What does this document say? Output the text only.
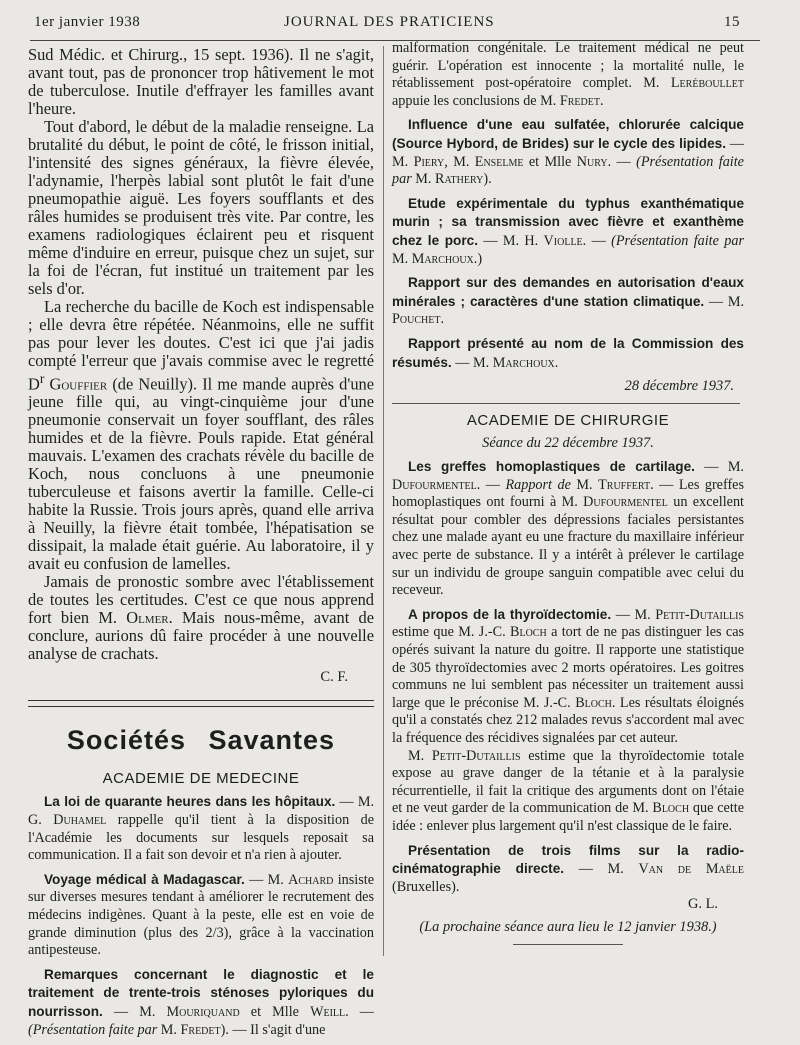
1er janvier 1938	JOURNAL DES PRATICIENS	15

Sud Médic. et Chirurg., 15 sept. 1936). Il ne s'agit, avant tout, pas de prononcer trop hâtivement le mot de tuberculose. Inutile d'effrayer les familles avant l'heure.

Tout d'abord, le début de la maladie renseigne. La brutalité du début, le point de côté, le frisson initial, l'intensité des signes généraux, la fièvre élevée, l'adynamie, l'herpès labial sont plutôt le fait d'une pneumopathie aiguë. Les foyers soufflants et des râles humides se produisent très vite. Par contre, les examens radiologiques éclairent peu et risquent même d'induire en erreur, puisque chez un sujet, sur la foi de l'écran, fut institué un traitement par les sels d'or.

La recherche du bacille de Koch est indispensable ; elle devra être répétée. Néanmoins, elle ne suffit pas pour lever les doutes. C'est ici que j'ai jadis compté l'erreur que j'avais commise avec le regretté $D^r$ Gouffier (de Neuilly). Il me mande auprès d'une jeune fille qui, au vingt-cinquième jour d'une pneumonie conservait un foyer soufflant, des râles humides et de la fièvre. Pouls rapide. Etat général mauvais. L'examen des crachats révèle du bacille de Koch, nous concluons à une pneumonie tuberculeuse et faisons avertir la famille. Celle-ci habite la Russie. Trois jours après, quand elle arriva à Neuilly, la fièvre était tombée, l'hépatisation se dissipait, la malade était guérie. Au laboratoire, il y avait eu confusion de lamelles.

Jamais de pronostic sombre avec l'établissement de toutes les certitudes. C'est ce que nous apprend fort bien M. Olmer. Mais nous-même, avant de conclure, aurions dû faire procéder à une nouvelle analyse de crachats.

C. F.
Sociétés Savantes
ACADEMIE DE MEDECINE

La loi de quarante heures dans les hôpitaux. — M. G. Duhamel rappelle qu'il tient à la disposition de l'Académie les documents sur lesquels reposait sa communication. Il a fait son devoir et n'a rien à ajouter.

Voyage médical à Madagascar. — M. Achard insiste sur diverses mesures tendant à améliorer le recrutement des médecins indigènes. Quant à la peste, elle est en voie de grande diminution (plus des 2/3), grâce à la vaccination antipesteuse.

Remarques concernant le diagnostic et le traitement de trente-trois sténoses pyloriques du nourrisson. — M. Mouriquand et Mlle Weill. — (Présentation faite par M. Fredet). — Il s'agit d'une

malformation congénitale. Le traitement médical ne peut guérir. L'opération est innocente ; la mortalité nulle, le rétablissement post-opératoire complet. M. Leréboullet appuie les conclusions de M. Fredet.

Influence d'une eau sulfatée, chlorurée calcique (Source Hybord, de Brides) sur le cycle des lipides. — M. Piery, M. Enselme et Mlle Nury. — (Présentation faite par M. Rathery).

Etude expérimentale du typhus exanthématique murin ; sa transmission avec fièvre et exanthème chez le porc. — M. H. Violle. — (Présentation faite par M. Marchoux.)

Rapport sur des demandes en autorisation d'eaux minérales ; caractères d'une station climatique. — M. Pouchet.

Rapport présenté au nom de la Commission des résumés. — M. Marchoux.

28 décembre 1937.
ACADEMIE DE CHIRURGIE
Séance du 22 décembre 1937.

Les greffes homoplastiques de cartilage. — M. Dufourmentel. — Rapport de M. Truffert. — Les greffes homoplastiques ont fourni à M. Dufourmentel un excellent résultat pour combler des dépressions faciales persistantes chez une malade ayant eu une fracture du maxillaire inférieur avec perte de substance. Il y a intérêt à prélever le cartilage sur un individu de groupe sanguin compatible avec celui du receveur.

A propos de la thyroïdectomie. — M. Petit-Dutaillis estime que M. J.-C. Bloch a tort de ne pas distinguer les cas opérés suivant la nature du goitre. Il rapporte une statistique de 305 thyroïdectomies avec 2 morts opératoires. Les goitres communs ne lui semblent pas nécessiter un traitement aussi large que le préconise M. J.-C. Bloch. Les résultats éloignés qu'il a constatés chez 212 malades revus s'accordent mal avec la fréquence des récidives signalées par cet auteur.

M. Petit-Dutaillis estime que la thyroïdectomie totale expose au grave danger de la tétanie et à la paralysie récurrentielle, il fait la critique des arguments dont on l'étaie et ne veut garder de la communication de M. Bloch que cette idée : enlever plus largement qu'il n'est classique de le faire.

Présentation de trois films sur la radio-cinématographie directe. — M. Van de Maële (Bruxelles).

G. L.
(La prochaine séance aura lieu le 12 janvier 1938.)
